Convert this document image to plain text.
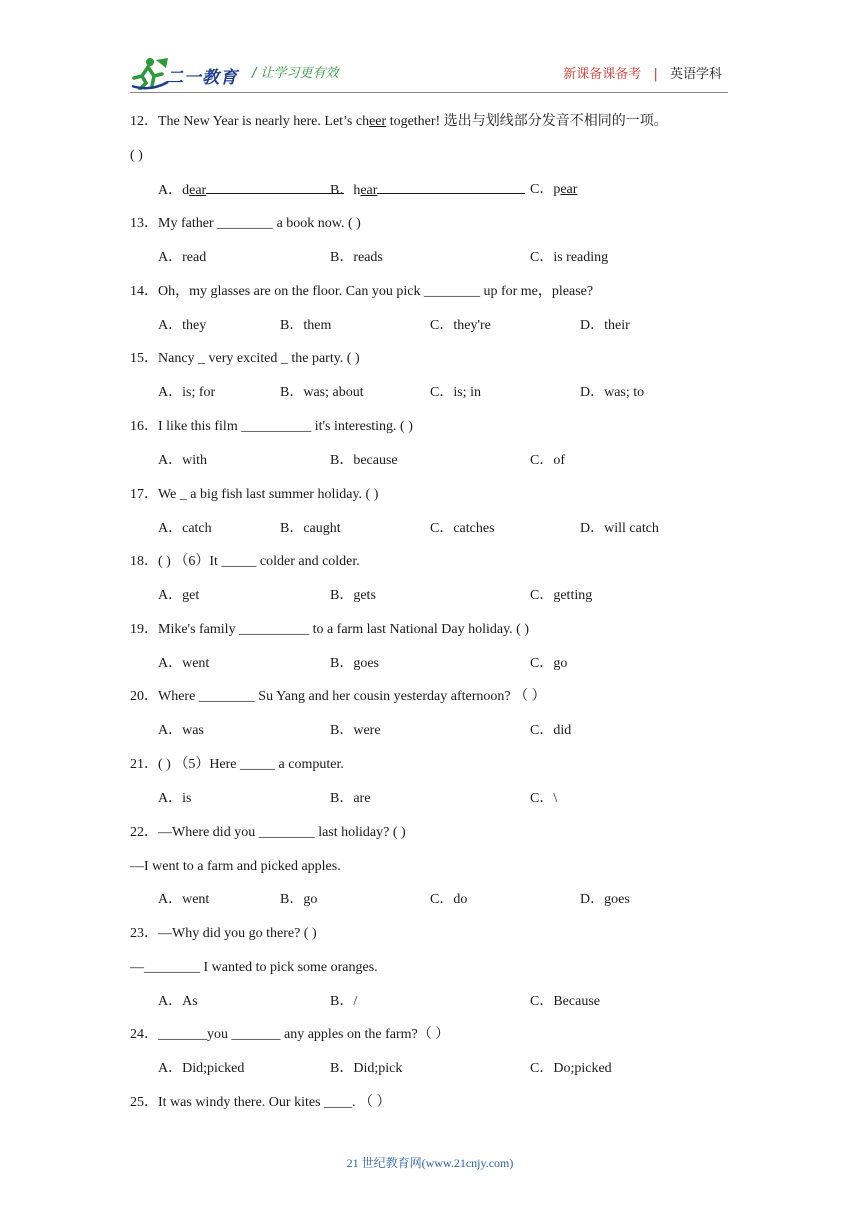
二一教育 / 让学习更有效	新课备课备考 | 英语学科
12．The New Year is nearly here. Let’s cheer together! 选出与划线部分发音不相同的一项。
( )
A．dear	B．hear	C．pear
13．My father ________ a book now. ( )
A．read	B．reads	C．is reading
14．Oh，my glasses are on the floor. Can you pick ________ up for me，please?
A．they	B．them	C．they're	D．their
15．Nancy _ very excited _ the party. ( )
A．is; for	B．was; about	C．is; in	D．was; to
16．I like this film __________ it's interesting. ( )
A．with	B．because	C．of
17．We _ a big fish last summer holiday. ( )
A．catch	B．caught	C．catches	D．will catch
18．( ) （6）It _____ colder and colder.
A．get	B．gets	C．getting
19．Mike's family __________ to a farm last National Day holiday. ( )
A．went	B．goes	C．go
20．Where ________ Su Yang and her cousin yesterday afternoon? （ ）
A．was	B．were	C．did
21．( ) （5）Here _____ a computer.
A．is	B．are	C．\
22．—Where did you ________ last holiday? ( )
—I went to a farm and picked apples.
A．went	B．go	C．do	D．goes
23．—Why did you go there? ( )
—________ I wanted to pick some oranges.
A．As	B．/	C．Because
24．_______you _______ any apples on the farm?（ ）
A．Did;picked	B．Did;pick	C．Do;picked
25．It was windy there. Our kites ____. （ ）
21 世纪教育网(www.21cnjy.com)
